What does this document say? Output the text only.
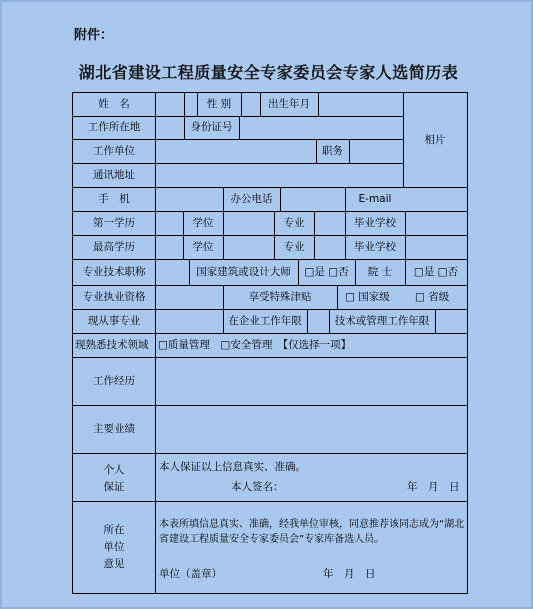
附件：
湖北省建设工程质量安全专家委员会专家人选简历表
姓　名	性 别	出生年月
相片
工作所在地	身份证号
工作单位	职务
通讯地址
手　机	办公电话	E-mail
第一学历	学位	专业	毕业学校
最高学历	学位	专业	毕业学校
专业技术职称	国家建筑或设计大师	□是 □否	院 士	□是 □否
专业执业资格	享受特殊津贴	□ 国家级 □ 省级
现从事专业	在企业工作年限	技术或管理工作年限
现熟悉技术领域 □质量管理　□安全管理　【仅选择一项】
工作经历
主要业绩
个人
保证
本人保证以上信息真实、准确。
本人签名：	年　月　日
所在
单位
意见
本表所填信息真实、准确，经我单位审核，同意推荐该同志成为“湖北省建设工程质量安全专家委员会”专家库备选人员。
单位（盖章）	年　月　日
